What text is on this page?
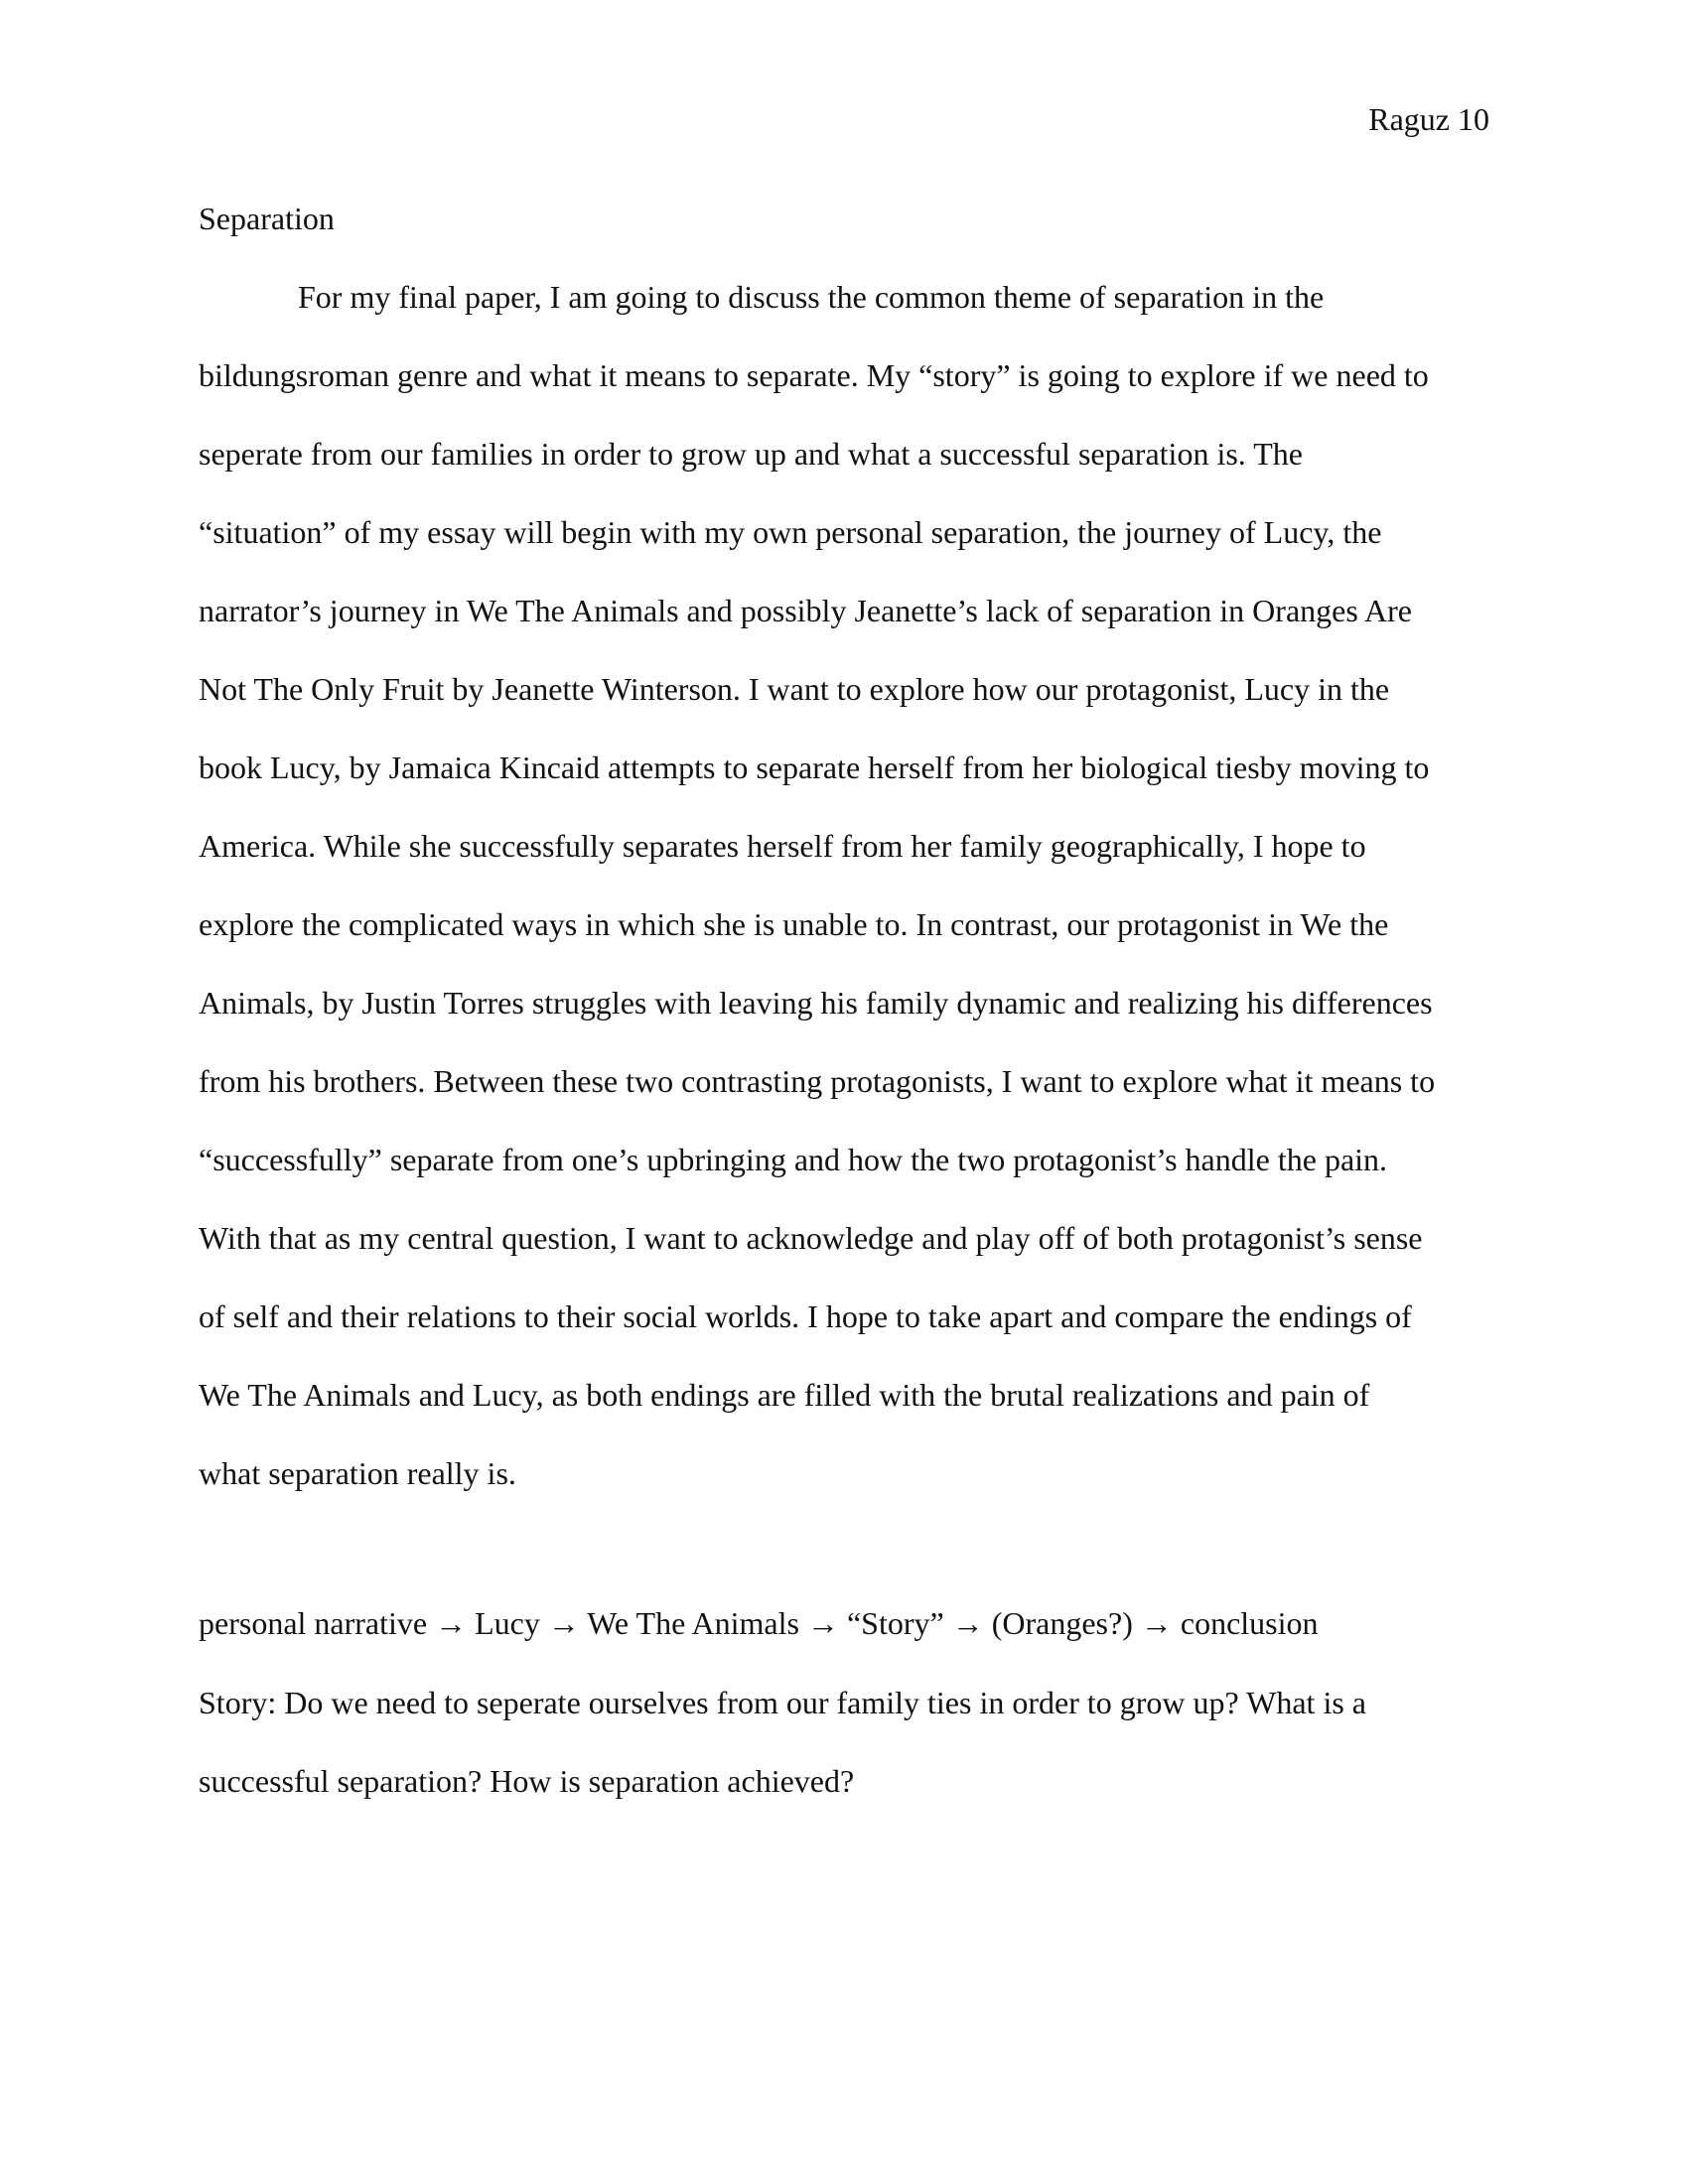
Raguz 10
Separation
For my final paper, I am going to discuss the common theme of separation in the
bildungsroman genre and what it means to separate. My “story” is going to explore if we need to
seperate from our families in order to grow up and what a successful separation is. The
“situation” of my essay will begin with my own personal separation, the journey of Lucy, the
narrator’s journey in We The Animals and possibly Jeanette’s lack of separation in Oranges Are
Not The Only Fruit by Jeanette Winterson. I want to explore how our protagonist, Lucy in the
book Lucy, by Jamaica Kincaid attempts to separate herself from her biological tiesby moving to
America. While she successfully separates herself from her family geographically, I hope to
explore the complicated ways in which she is unable to. In contrast, our protagonist in We the
Animals, by Justin Torres struggles with leaving his family dynamic and realizing his differences
from his brothers. Between these two contrasting protagonists, I want to explore what it means to
“successfully” separate from one’s upbringing and how the two protagonist’s handle the pain.
With that as my central question, I want to acknowledge and play off of both protagonist’s sense
of self and their relations to their social worlds. I hope to take apart and compare the endings of
We The Animals and Lucy, as both endings are filled with the brutal realizations and pain of
what separation really is.
personal narrative → Lucy → We The Animals → “Story” → (Oranges?) → conclusion
Story: Do we need to seperate ourselves from our family ties in order to grow up? What is a
successful separation? How is separation achieved?
